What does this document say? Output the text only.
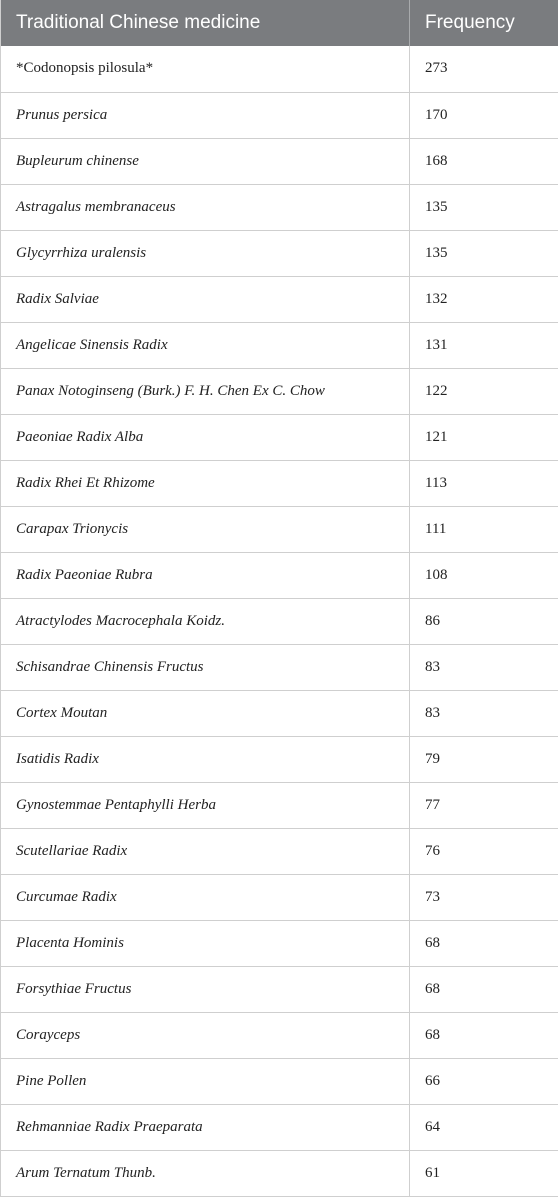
Traditional Chinese medicine	Frequency
*Codonopsis pilosula*	273
Prunus persica	170
Bupleurum chinense	168
Astragalus membranaceus	135
Glycyrrhiza uralensis	135
Radix Salviae	132
Angelicae Sinensis Radix	131
Panax Notoginseng (Burk.) F. H. Chen Ex C. Chow	122
Paeoniae Radix Alba	121
Radix Rhei Et Rhizome	113
Carapax Trionycis	111
Radix Paeoniae Rubra	108
Atractylodes Macrocephala Koidz.	86
Schisandrae Chinensis Fructus	83
Cortex Moutan	83
Isatidis Radix	79
Gynostemmae Pentaphylli Herba	77
Scutellariae Radix	76
Curcumae Radix	73
Placenta Hominis	68
Forsythiae Fructus	68
Corayceps	68
Pine Pollen	66
Rehmanniae Radix Praeparata	64
Arum Ternatum Thunb.	61
